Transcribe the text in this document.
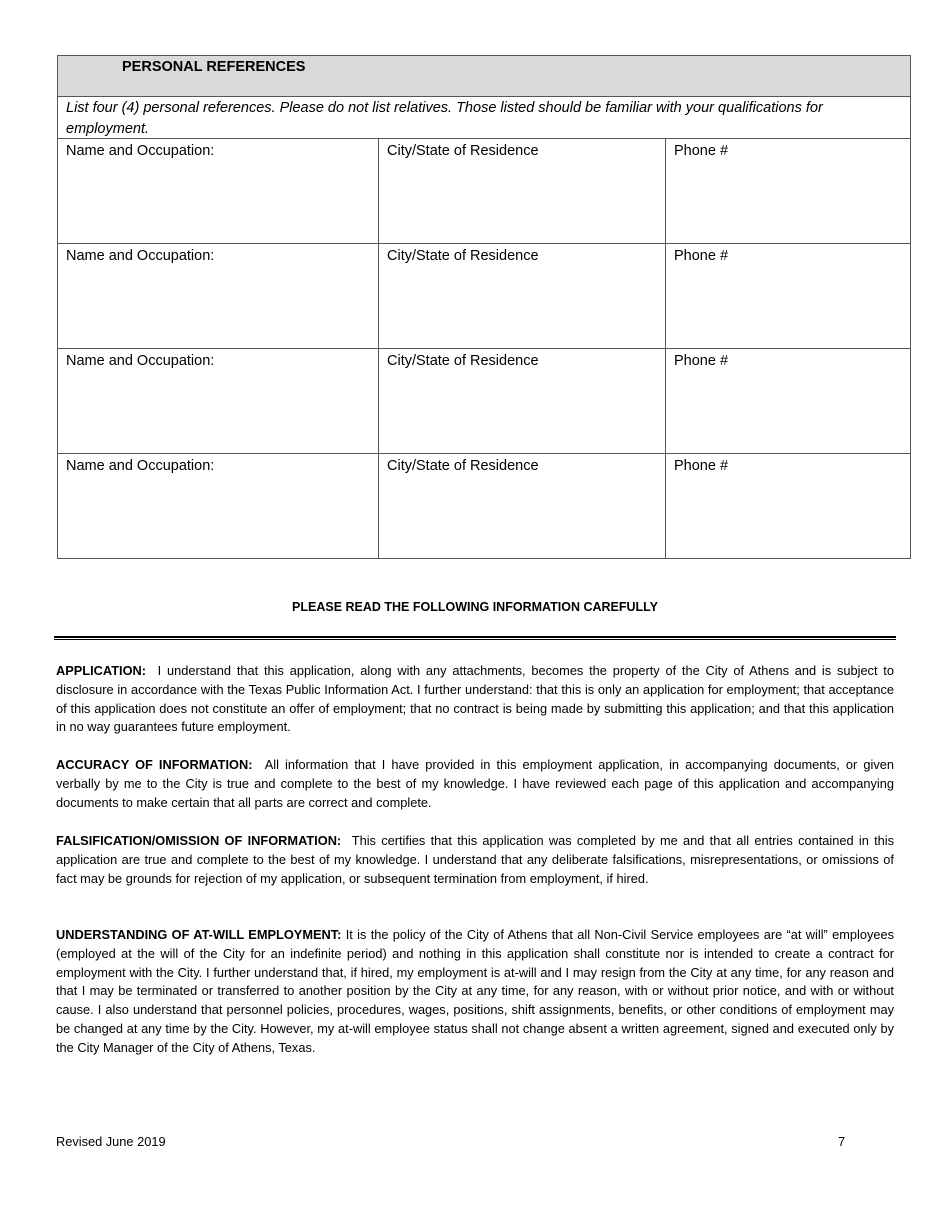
PERSONAL REFERENCES
List four (4) personal references. Please do not list relatives. Those listed should be familiar with your qualifications for employment.
Name and Occupation:	City/State of Residence	Phone #
Name and Occupation:	City/State of Residence	Phone #
Name and Occupation:	City/State of Residence	Phone #
Name and Occupation:	City/State of Residence	Phone #
PLEASE READ THE FOLLOWING INFORMATION CAREFULLY
APPLICATION: I understand that this application, along with any attachments, becomes the property of the City of Athens and is subject to disclosure in accordance with the Texas Public Information Act. I further understand: that this is only an application for employment; that acceptance of this application does not constitute an offer of employment; that no contract is being made by submitting this application; and that this application in no way guarantees future employment.
ACCURACY OF INFORMATION: All information that I have provided in this employment application, in accompanying documents, or given verbally by me to the City is true and complete to the best of my knowledge. I have reviewed each page of this application and accompanying documents to make certain that all parts are correct and complete.
FALSIFICATION/OMISSION OF INFORMATION: This certifies that this application was completed by me and that all entries contained in this application are true and complete to the best of my knowledge. I understand that any deliberate falsifications, misrepresentations, or omissions of fact may be grounds for rejection of my application, or subsequent termination from employment, if hired.
UNDERSTANDING OF AT-WILL EMPLOYMENT: It is the policy of the City of Athens that all Non-Civil Service employees are “at will” employees (employed at the will of the City for an indefinite period) and nothing in this application shall constitute nor is intended to create a contract for employment with the City. I further understand that, if hired, my employment is at-will and I may resign from the City at any time, for any reason and that I may be terminated or transferred to another position by the City at any time, for any reason, with or without prior notice, and with or without cause. I also understand that personnel policies, procedures, wages, positions, shift assignments, benefits, or other conditions of employment may be changed at any time by the City. However, my at-will employee status shall not change absent a written agreement, signed and executed only by the City Manager of the City of Athens, Texas.
Revised June 2019	7
